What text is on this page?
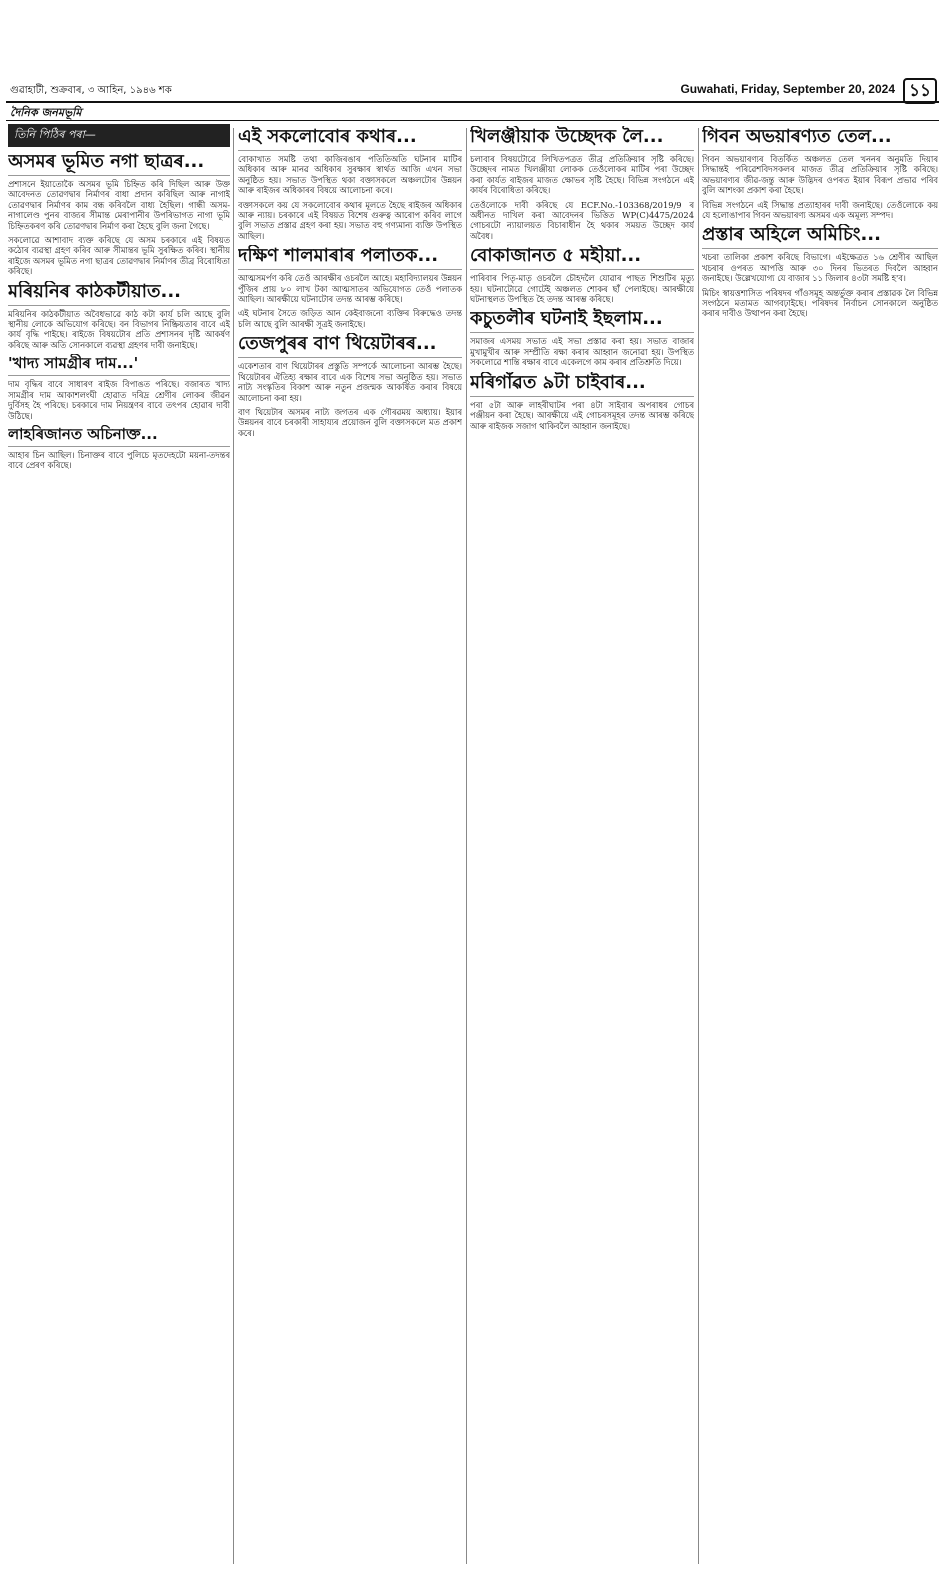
গুৱাহাটী, শুক্ৰবাৰ, ৩ আহিন, ১৯৪৬ শক	Guwahati, Friday, September 20, 2024 ১১
দৈনিক জনমভূমি
তিনি পিঠিৰ পৰা—
অসমৰ ভূমিত নগা ছাত্ৰৰ...

প্ৰশাসনে ইয়াতোকৈ অসমৰ ভূমি চিহ্নিত কৰি দিছিল আৰু উক্ত আবেদনত তোৱণদ্বাৰ নিৰ্মাণৰ বাধা প্ৰদান কৰিছিল আৰু নাগাই তোৱণদ্বাৰ নিৰ্মাণৰ কাম বন্ধ কৰিবলৈ বাধ্য হৈছিল। গান্ধী অসম-নাগালেণ্ড পুনৰ বাজ্যৰ সীমান্ত মেৰাপানীৰ উপৰিভাগত নাগা ভূমি চিহ্নিতকৰণ কৰি তোৱণদ্বাৰ নিৰ্মাণ কৰা হৈছে বুলি জনা গৈছে।

সকলোৱে আশাবাদ ব্যক্ত কৰিছে যে অসম চৰকাৰে এই বিষয়ত কঠোৰ ব্যৱস্থা গ্ৰহণ কৰিব আৰু সীমান্তৰ ভূমি সুৰক্ষিত কৰিব। স্থানীয় ৰাইজে অসমৰ ভূমিত নগা ছাত্ৰৰ তোৱণদ্বাৰ নিৰ্মাণৰ তীব্ৰ বিৰোধিতা কৰিছে।

মৰিয়নিৰ কাঠকটীয়াত...

মৰিয়নিৰ কাঠকটীয়াত অবৈধভাৱে কাঠ কটা কাৰ্য চলি আছে বুলি স্থানীয় লোকে অভিযোগ কৰিছে। বন বিভাগৰ নিষ্ক্ৰিয়তাৰ বাবে এই কাৰ্য বৃদ্ধি পাইছে। ৰাইজে বিষয়টোৰ প্ৰতি প্ৰশাসনৰ দৃষ্টি আকৰ্ষণ কৰিছে আৰু অতি সোনকালে ব্যৱস্থা গ্ৰহণৰ দাবী জনাইছে।

'খাদ্য সামগ্ৰীৰ দাম...'

দাম বৃদ্ধিৰ বাবে সাধাৰণ ৰাইজ বিপাঙত পৰিছে। বজাৰত খাদ্য সামগ্ৰীৰ দাম আকাশলংঘী হোৱাত দৰিদ্ৰ শ্ৰেণীৰ লোকৰ জীৱন দুৰ্বিসহ হৈ পৰিছে। চৰকাৰে দাম নিয়ন্ত্ৰণৰ বাবে তৎপৰ হোৱাৰ দাবী উঠিছে।

লাহৰিজানত অচিনাক্ত...

আহাৰ চিন আছিল। চিনাক্তৰ বাবে পুলিচে মৃতদেহটো ময়না-তদন্তৰ বাবে প্ৰেৰণ কৰিছে।

এই সকলোবোৰ কথাৰ...

বোকাখাত সমষ্টি তথা কাজিৰঙাৰ পতিতিঅতি ঘটনাৰ মাটিৰ অধিকাৰ আৰু মানৱ অধিকাৰ সুৰক্ষাৰ স্বাৰ্থত আজি এখন সভা অনুষ্ঠিত হয়। সভাত উপস্থিত থকা বক্তাসকলে অঞ্চলটোৰ উন্নয়ন আৰু ৰাইজৰ অধিকাৰৰ বিষয়ে আলোচনা কৰে।

বক্তাসকলে কয় যে সকলোবোৰ কথাৰ মূলতে হৈছে ৰাইজৰ অধিকাৰ আৰু ন্যায়। চৰকাৰে এই বিষয়ত বিশেষ গুৰুত্ব আৰোপ কৰিব লাগে বুলি সভাত প্ৰস্তাৱ গ্ৰহণ কৰা হয়। সভাত বহু গণ্যমান্য ব্যক্তি উপস্থিত আছিল।

দক্ষিণ শালমাৰাৰ পলাতক...

আত্মসমৰ্পণ কৰি তেওঁ আৰক্ষীৰ ওচৰলৈ আহে। মহাবিদ্যালয়ৰ উন্নয়ন পুঁজিৰ প্ৰায় ৮০ লাখ টকা আত্মসাতৰ অভিযোগত তেওঁ পলাতক আছিল। আৰক্ষীয়ে ঘটনাটোৰ তদন্ত আৰম্ভ কৰিছে।

এই ঘটনাৰ সৈতে জড়িত আন কেইবাজনো ব্যক্তিৰ বিৰুদ্ধেও তদন্ত চলি আছে বুলি আৰক্ষী সূত্ৰই জনাইছে।

তেজপুৰৰ বাণ থিয়েটাৰৰ...

একেশতাৰ বাণ থিয়েটাৰৰ প্ৰস্তুতি সম্পৰ্কে আলোচনা আৰম্ভ হৈছে। থিয়েটাৰৰ ঐতিহ্য ৰক্ষাৰ বাবে এক বিশেষ সভা অনুষ্ঠিত হয়। সভাত নাট্য সংস্কৃতিৰ বিকাশ আৰু নতুন প্ৰজন্মক আকৰ্ষিত কৰাৰ বিষয়ে আলোচনা কৰা হয়।

বাণ থিয়েটাৰ অসমৰ নাট্য জগতৰ এক গৌৰৱময় অধ্যায়। ইয়াৰ উন্নয়নৰ বাবে চৰকাৰী সাহায্যৰ প্ৰয়োজন বুলি বক্তাসকলে মত প্ৰকাশ কৰে।

খিলঞ্জীয়াক উচ্ছেদক লৈ...

চলাবাৰ বিষয়টোৱে লিখিতপত্ৰত তীব্ৰ প্ৰতিক্ৰিয়াৰ সৃষ্টি কৰিছে। উচ্ছেদৰ নামত খিলঞ্জীয়া লোকক তেওঁলোকৰ মাটিৰ পৰা উচ্ছেদ কৰা কাৰ্যত ৰাইজৰ মাজত ক্ষোভৰ সৃষ্টি হৈছে। বিভিন্ন সংগঠনে এই কাৰ্যৰ বিৰোধিতা কৰিছে।

তেওঁলোকে দাবী কৰিছে যে ECF.No.-103368/2019/9 ৰ অধীনত দাখিল কৰা আবেদনৰ ভিত্তিত WP(C)4475/2024 গোচৰটো ন্যায়ালয়ত বিচাৰাধীন হৈ থকাৰ সময়ত উচ্ছেদ কাৰ্য অবৈধ।

বোকাজানত ৫ মহীয়া...

পাৰিবাৰ পিতৃ-মাতৃ ওচৰলৈ চৌহদলৈ যোৱাৰ পাছত শিশুটিৰ মৃত্যু হয়। ঘটনাটোৱে গোটেই অঞ্চলত শোকৰ ছাঁ পেলাইছে। আৰক্ষীয়ে ঘটনাস্থলত উপস্থিত হৈ তদন্ত আৰম্ভ কৰিছে।

কচুতলীৰ ঘটনাই ইছলাম...

সমাজৰ এসময় সভাত এই সভা প্ৰস্তাৱ কৰা হয়। সভাত বাজাৰ মুখামুখীৰ আৰু সম্প্ৰীতি ৰক্ষা কৰাৰ আহ্বান জনোৱা হয়। উপস্থিত সকলোৱে শান্তি ৰক্ষাৰ বাবে একেলগে কাম কৰাৰ প্ৰতিশ্ৰুতি দিয়ে।

মৰিগাঁৱত ৯টা চাইবাৰ...

পৰা ৫টা আৰু লাহৰীঘাটৰ পৰা ৪টা সাইবাৰ অপৰাধৰ গোচৰ পঞ্জীয়ন কৰা হৈছে। আৰক্ষীয়ে এই গোচৰসমূহৰ তদন্ত আৰম্ভ কৰিছে আৰু ৰাইজক সজাগ থাকিবলৈ আহ্বান জনাইছে।

গিবন অভয়াৰণ্যত তেল...

গিবন অভয়াৰণ্যৰ বিতৰ্কিত অঞ্চলত তেল খননৰ অনুমতি দিয়াৰ সিদ্ধান্তই পৰিৱেশবিদসকলৰ মাজত তীব্ৰ প্ৰতিক্ৰিয়াৰ সৃষ্টি কৰিছে। অভয়াৰণ্যৰ জীৱ-জন্তু আৰু উদ্ভিদৰ ওপৰত ইয়াৰ বিৰূপ প্ৰভাৱ পৰিব বুলি আশংকা প্ৰকাশ কৰা হৈছে।

বিভিন্ন সংগঠনে এই সিদ্ধান্ত প্ৰত্যাহাৰৰ দাবী জনাইছে। তেওঁলোকে কয় যে হলোঙাপাৰ গিবন অভয়াৰণ্য অসমৰ এক অমূল্য সম্পদ।

প্ৰস্তাৰ অহিলে অমিচিং...

খচৰা তালিকা প্ৰকাশ কৰিছে বিভাগে। এইক্ষেত্ৰত ১৬ শ্ৰেণীৰ আছিল খচৰাৰ ওপৰত আপত্তি আৰু ৩০ দিনৰ ভিতৰত দিবলৈ আহ্বান জনাইছে। উল্লেখযোগ্য যে বাজাৰ ১১ জিলাৰ ৪৩টা সমষ্টি হ'ব।

মিচিং স্বায়ত্তশাসিত পৰিষদৰ গাঁওসমূহ অন্তৰ্ভুক্ত কৰাৰ প্ৰস্তাৱক লৈ বিভিন্ন সংগঠনে মতামত আগবঢ়াইছে। পৰিষদৰ নিৰ্বাচন সোনকালে অনুষ্ঠিত কৰাৰ দাবীও উত্থাপন কৰা হৈছে।
